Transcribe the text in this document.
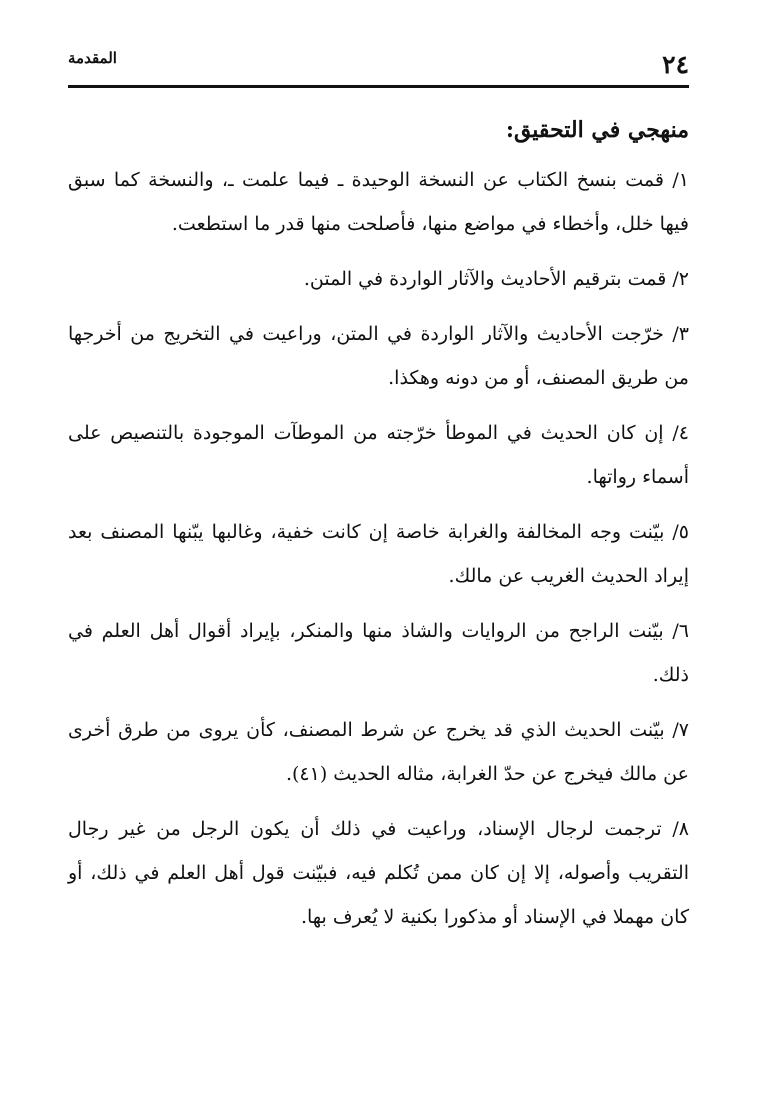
٢٤
المقدمة
منهجي في التحقيق:

١/ قمت بنسخ الكتاب عن النسخة الوحيدة ـ فيما علمت ـ، والنسخة كما سبق فيها خلل، وأخطاء في مواضع منها، فأصلحت منها قدر ما استطعت.

٢/ قمت بترقيم الأحاديث والآثار الواردة في المتن.

٣/ خرّجت الأحاديث والآثار الواردة في المتن، وراعيت في التخريج من أخرجها من طريق المصنف، أو من دونه وهكذا.

٤/ إن كان الحديث في الموطأ خرّجته من الموطآت الموجودة بالتنصيص على أسماء رواتها.

٥/ بيّنت وجه المخالفة والغرابة خاصة إن كانت خفية، وغالبها يبّنها المصنف بعد إيراد الحديث الغريب عن مالك.

٦/ بيّنت الراجح من الروايات والشاذ منها والمنكر، بإيراد أقوال أهل العلم في ذلك.

٧/ بيّنت الحديث الذي قد يخرج عن شرط المصنف، كأن يروى من طرق أخرى عن مالك فيخرج عن حدّ الغرابة، مثاله الحديث (٤١).

٨/ ترجمت لرجال الإسناد، وراعيت في ذلك أن يكون الرجل من غير رجال التقريب وأصوله، إلا إن كان ممن تُكلم فيه، فبيّنت قول أهل العلم في ذلك، أو كان مهملا في الإسناد أو مذكورا بكنية لا يُعرف بها.
